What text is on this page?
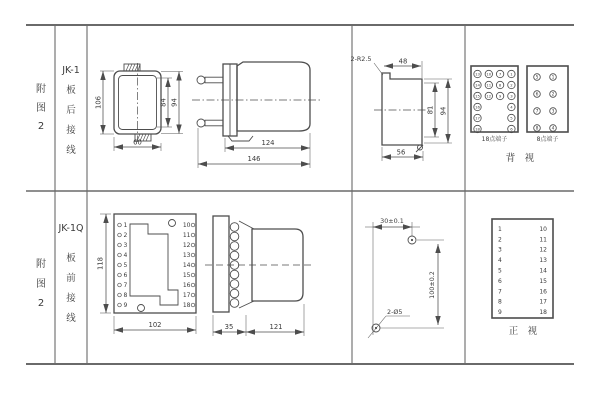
附
图
2
JK-1
板
后
接
线
106	84 94
60	124
146
2-R2.5	48
81 94
56
13 10 7 1
14 11 8 2
15 12 9 3
16	4
17	5
18	6
5	1
6	2
7	3
8	4
18点端子	8点端子
背　视
附
图
2
JK-1Q
板
前
接
线
1
2
3
4
5
6
7
8
9
10
11
12
13
14
15
16
17
18
118
102	35	121
30±0.1
100±0.2
2-Ø5
1
2
3
4
5
6
7
8
9
10
11
12
13
14
15
16
17
18
正　视
